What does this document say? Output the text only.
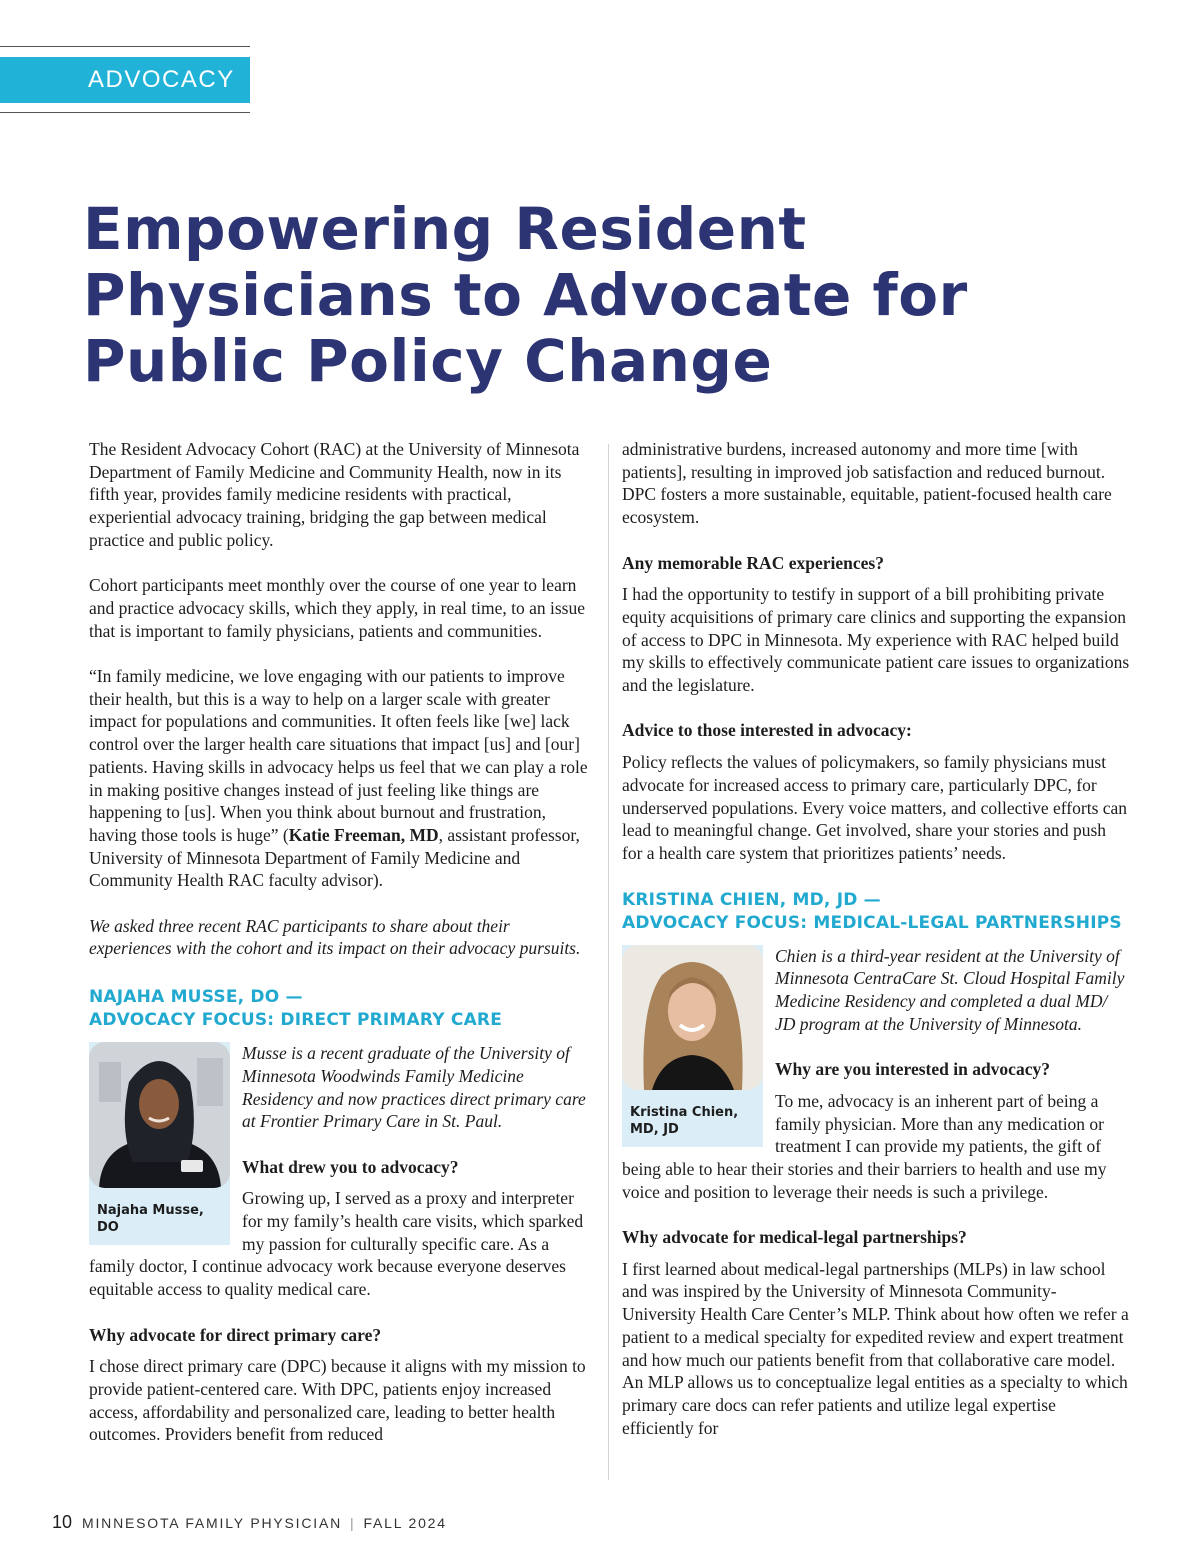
ADVOCACY
Empowering Resident
Physicians to Advocate for
Public Policy Change

The Resident Advocacy Cohort (RAC) at the University of Minnesota Department of Family Medicine and Community Health, now in its fifth year, provides family medicine residents with practical, experiential advocacy training, bridging the gap between medical practice and public policy.

Cohort participants meet monthly over the course of one year to learn and practice advocacy skills, which they apply, in real time, to an issue that is important to family physicians, patients and communities.

“In family medicine, we love engaging with our patients to improve their health, but this is a way to help on a larger scale with greater impact for populations and communities. It often feels like [we] lack control over the larger health care situations that impact [us] and [our] patients. Having skills in advocacy helps us feel that we can play a role in making positive changes instead of just feeling like things are happening to [us]. When you think about burnout and frustration, having those tools is huge” (Katie Freeman, MD, assistant professor, University of Minnesota Department of Family Medicine and Community Health RAC faculty advisor).

We asked three recent RAC participants to share about their experiences with the cohort and its impact on their advocacy pursuits.

NAJAHA MUSSE, DO —
ADVOCACY FOCUS: DIRECT PRIMARY CARE
Najaha Musse, DO

Musse is a recent graduate of the University of Minnesota Woodwinds Family Medicine Residency and now practices direct primary care at Frontier Primary Care in St. Paul.

What drew you to advocacy?

Growing up, I served as a proxy and interpreter for my family’s health care visits, which sparked my passion for culturally specific care. As a family doctor, I continue advocacy work because everyone deserves equitable access to quality medical care.

Why advocate for direct primary care?

I chose direct primary care (DPC) because it aligns with my mission to provide patient-centered care. With DPC, patients enjoy increased access, affordability and personalized care, leading to better health outcomes. Providers benefit from reduced

administrative burdens, increased autonomy and more time [with patients], resulting in improved job satisfaction and reduced burnout. DPC fosters a more sustainable, equitable, patient-focused health care ecosystem.

Any memorable RAC experiences?

I had the opportunity to testify in support of a bill prohibiting private equity acquisitions of primary care clinics and supporting the expansion of access to DPC in Minnesota. My experience with RAC helped build my skills to effectively communicate patient care issues to organizations and the legislature.

Advice to those interested in advocacy:

Policy reflects the values of policymakers, so family physicians must advocate for increased access to primary care, particularly DPC, for underserved populations. Every voice matters, and collective efforts can lead to meaningful change. Get involved, share your stories and push for a health care system that prioritizes patients’ needs.

KRISTINA CHIEN, MD, JD —
ADVOCACY FOCUS: MEDICAL-LEGAL PARTNERSHIPS
Kristina Chien, MD, JD

Chien is a third-year resident at the University of Minnesota CentraCare St. Cloud Hospital Family Medicine Residency and completed a dual MD/ JD program at the University of Minnesota.

Why are you interested in advocacy?

To me, advocacy is an inherent part of being a family physician. More than any medication or treatment I can provide my patients, the gift of being able to hear their stories and their barriers to health and use my voice and position to leverage their needs is such a privilege.

Why advocate for medical-legal partnerships?

I first learned about medical-legal partnerships (MLPs) in law school and was inspired by the University of Minnesota Community-University Health Care Center’s MLP. Think about how often we refer a patient to a medical specialty for expedited review and expert treatment and how much our patients benefit from that collaborative care model. An MLP allows us to conceptualize legal entities as a specialty to which primary care docs can refer patients and utilize legal expertise efficiently for

10 MINNESOTA FAMILY PHYSICIAN | FALL 2024
